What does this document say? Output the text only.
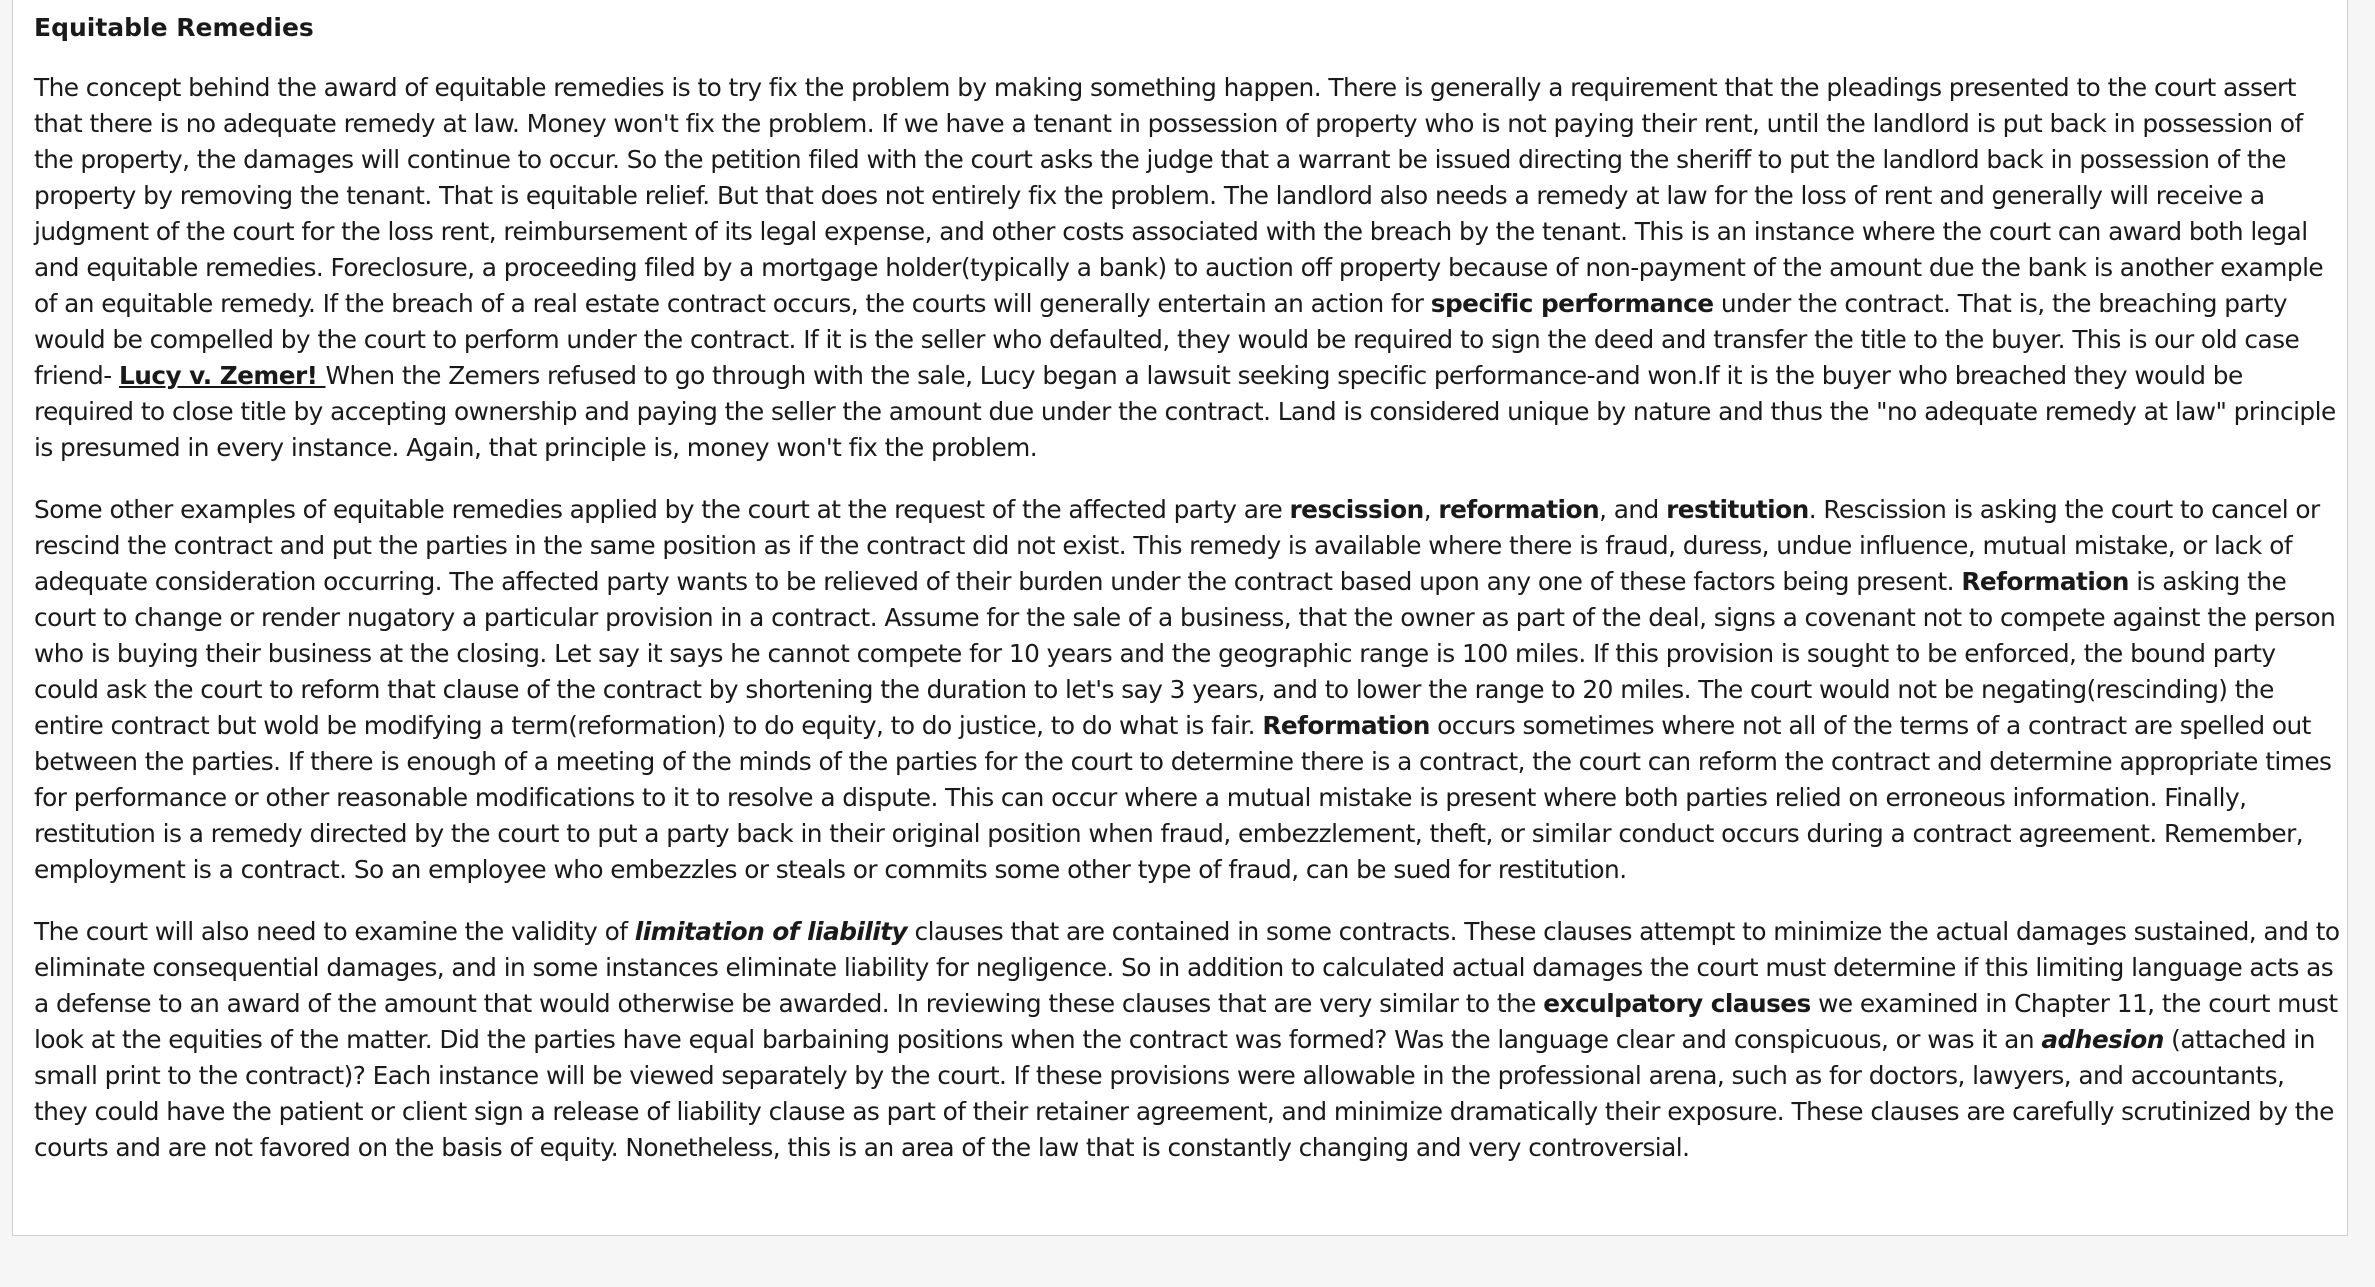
Equitable Remedies

The concept behind the award of equitable remedies is to try fix the problem by making something happen. There is generally a requirement that the pleadings presented to the court assert that there is no adequate remedy at law. Money won't fix the problem. If we have a tenant in possession of property who is not paying their rent, until the landlord is put back in possession of the property, the damages will continue to occur. So the petition filed with the court asks the judge that a warrant be issued directing the sheriff to put the landlord back in possession of the property by removing the tenant. That is equitable relief. But that does not entirely fix the problem. The landlord also needs a remedy at law for the loss of rent and generally will receive a judgment of the court for the loss rent, reimbursement of its legal expense, and other costs associated with the breach by the tenant. This is an instance where the court can award both legal and equitable remedies. Foreclosure, a proceeding filed by a mortgage holder(typically a bank) to auction off property because of non-payment of the amount due the bank is another example of an equitable remedy. If the breach of a real estate contract occurs, the courts will generally entertain an action for specific performance under the contract. That is, the breaching party would be compelled by the court to perform under the contract. If it is the seller who defaulted, they would be required to sign the deed and transfer the title to the buyer. This is our old case friend- Lucy v. Zemer! When the Zemers refused to go through with the sale, Lucy began a lawsuit seeking specific performance-and won.If it is the buyer who breached they would be required to close title by accepting ownership and paying the seller the amount due under the contract. Land is considered unique by nature and thus the "no adequate remedy at law" principle is presumed in every instance. Again, that principle is, money won't fix the problem.

Some other examples of equitable remedies applied by the court at the request of the affected party are rescission, reformation, and restitution. Rescission is asking the court to cancel or rescind the contract and put the parties in the same position as if the contract did not exist. This remedy is available where there is fraud, duress, undue influence, mutual mistake, or lack of adequate consideration occurring. The affected party wants to be relieved of their burden under the contract based upon any one of these factors being present. Reformation is asking the court to change or render nugatory a particular provision in a contract. Assume for the sale of a business, that the owner as part of the deal, signs a covenant not to compete against the person who is buying their business at the closing. Let say it says he cannot compete for 10 years and the geographic range is 100 miles. If this provision is sought to be enforced, the bound party could ask the court to reform that clause of the contract by shortening the duration to let's say 3 years, and to lower the range to 20 miles. The court would not be negating(rescinding) the entire contract but wold be modifying a term(reformation) to do equity, to do justice, to do what is fair. Reformation occurs sometimes where not all of the terms of a contract are spelled out between the parties. If there is enough of a meeting of the minds of the parties for the court to determine there is a contract, the court can reform the contract and determine appropriate times for performance or other reasonable modifications to it to resolve a dispute. This can occur where a mutual mistake is present where both parties relied on erroneous information. Finally, restitution is a remedy directed by the court to put a party back in their original position when fraud, embezzlement, theft, or similar conduct occurs during a contract agreement. Remember, employment is a contract. So an employee who embezzles or steals or commits some other type of fraud, can be sued for restitution.

The court will also need to examine the validity of limitation of liability clauses that are contained in some contracts. These clauses attempt to minimize the actual damages sustained, and to eliminate consequential damages, and in some instances eliminate liability for negligence. So in addition to calculated actual damages the court must determine if this limiting language acts as a defense to an award of the amount that would otherwise be awarded. In reviewing these clauses that are very similar to the exculpatory clauses we examined in Chapter 11, the court must look at the equities of the matter. Did the parties have equal barbaining positions when the contract was formed? Was the language clear and conspicuous, or was it an adhesion (attached in small print to the contract)? Each instance will be viewed separately by the court. If these provisions were allowable in the professional arena, such as for doctors, lawyers, and accountants, they could have the patient or client sign a release of liability clause as part of their retainer agreement, and minimize dramatically their exposure. These clauses are carefully scrutinized by the courts and are not favored on the basis of equity. Nonetheless, this is an area of the law that is constantly changing and very controversial.
